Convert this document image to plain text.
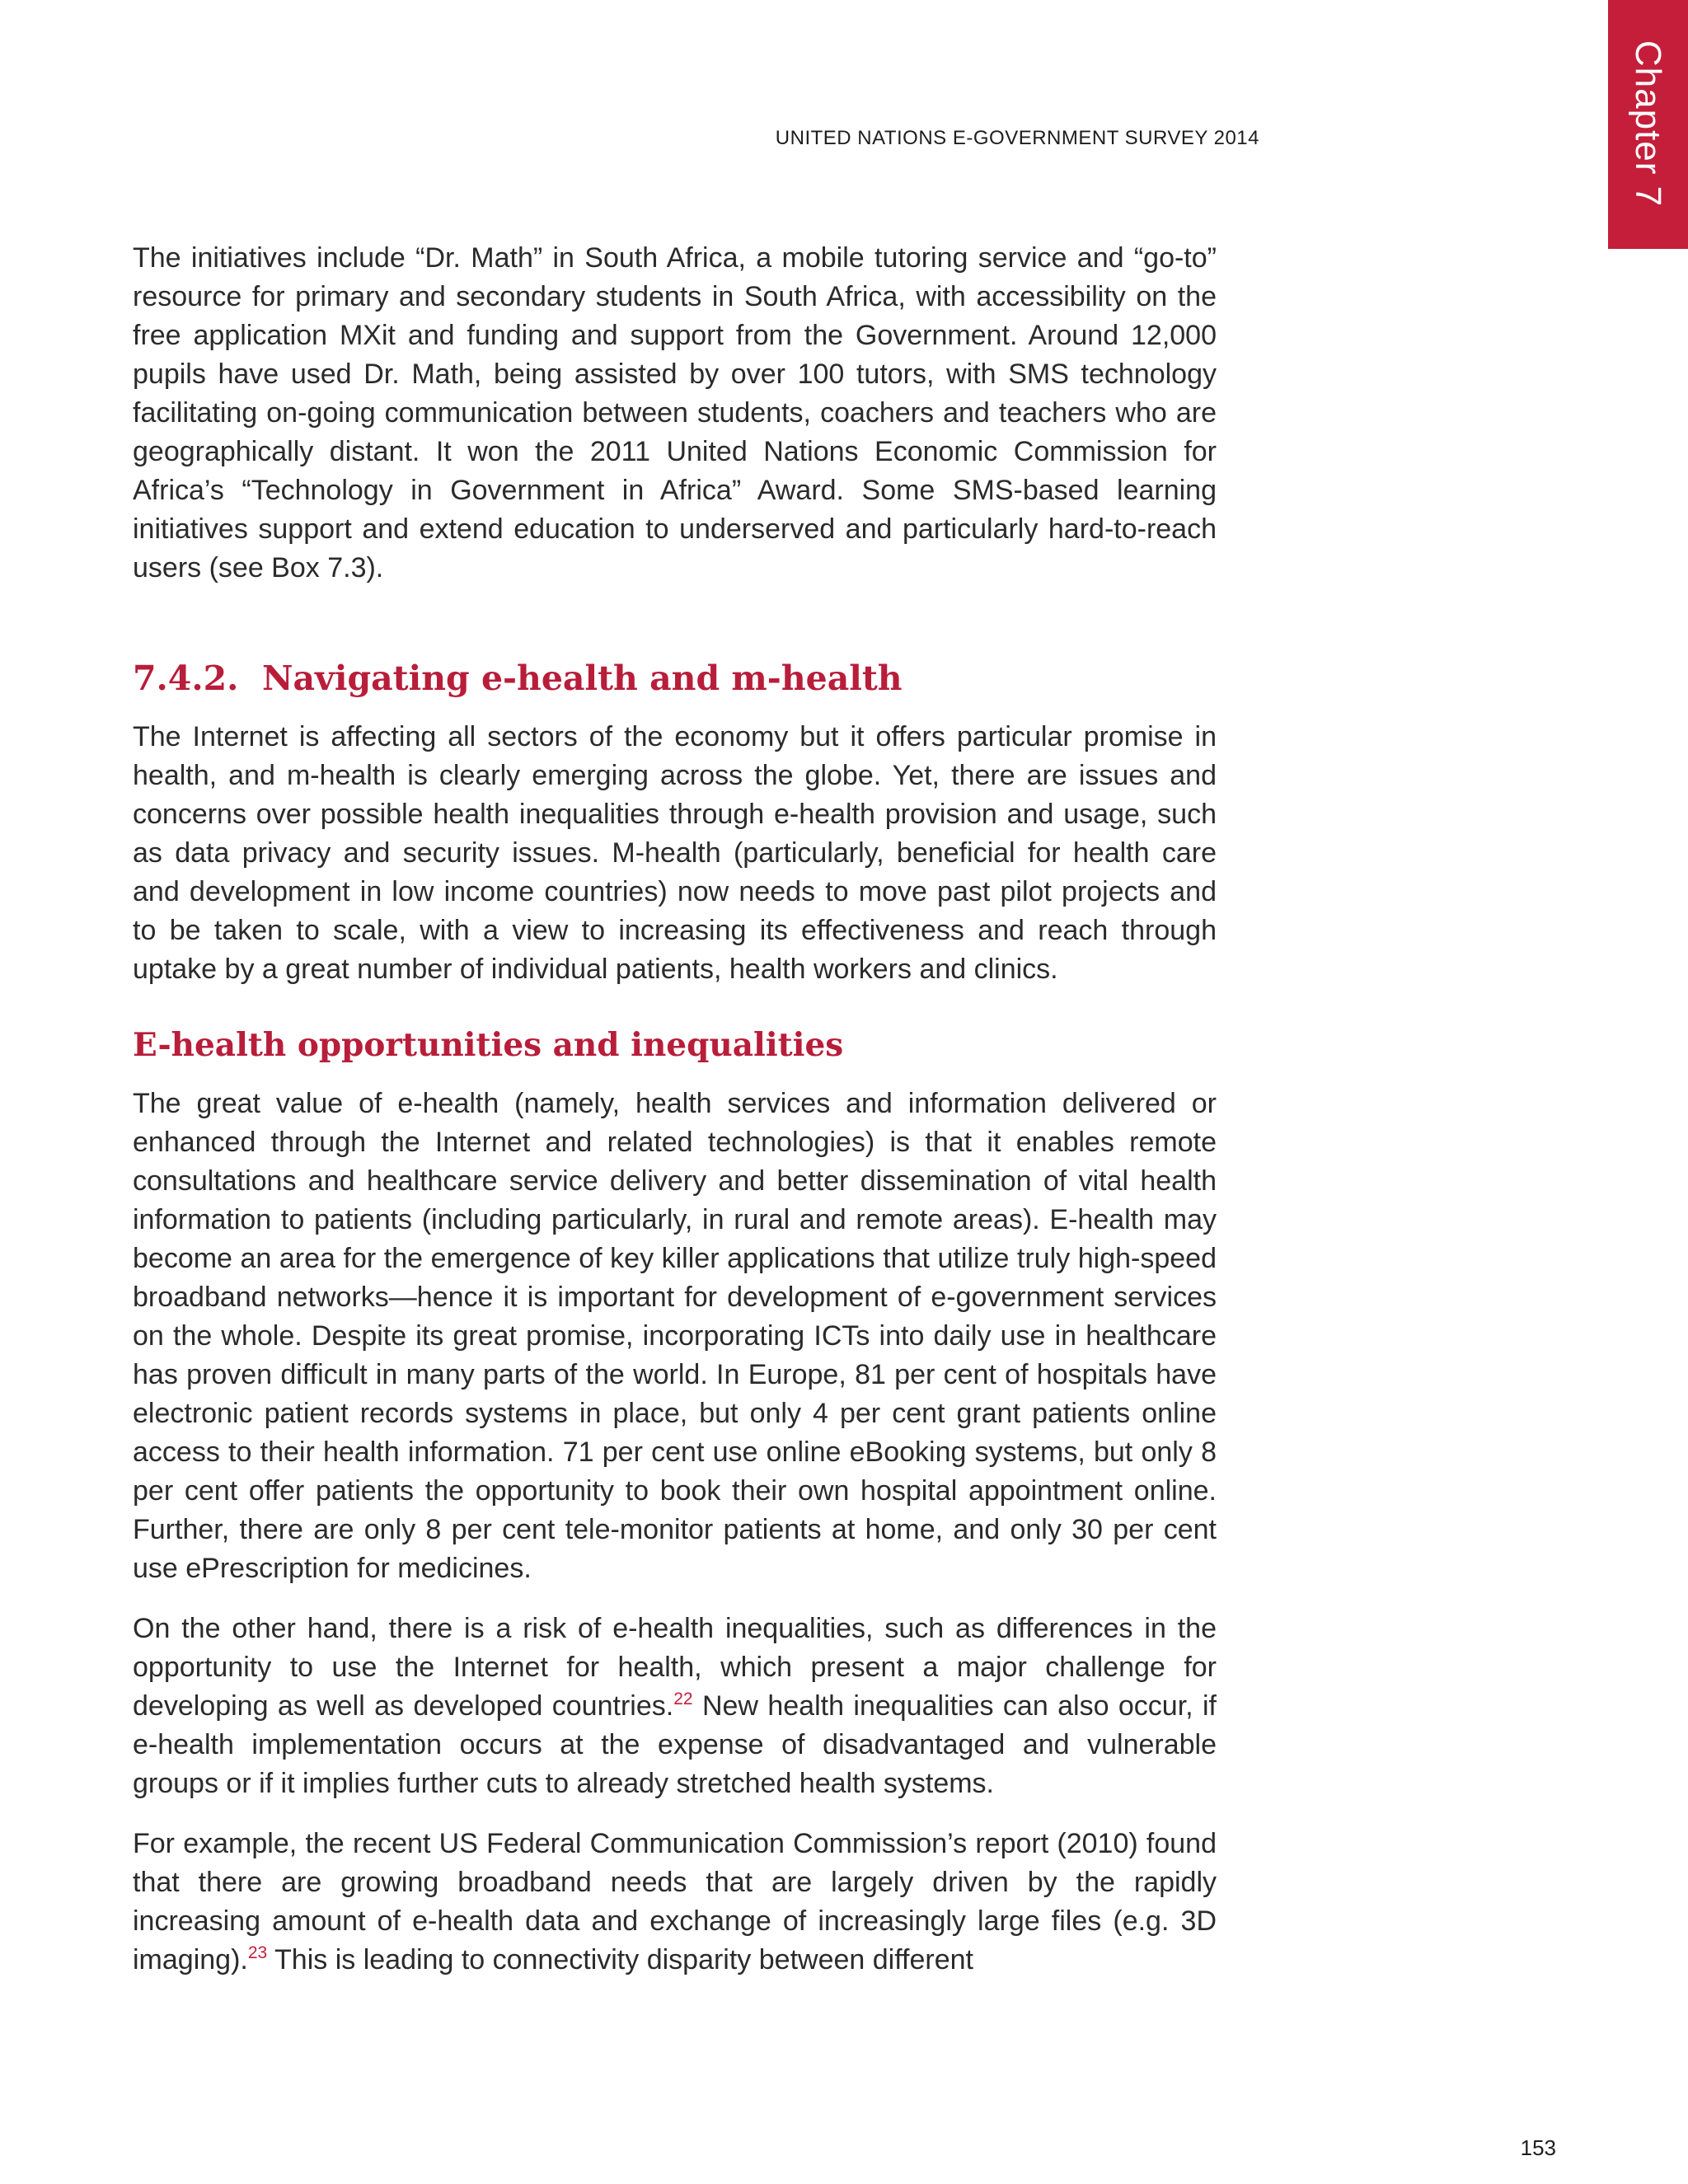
Chapter 7
UNITED NATIONS E-GOVERNMENT SURVEY 2014

The initiatives include “Dr. Math” in South Africa, a mobile tutoring service and “go-to” resource for primary and secondary students in South Africa, with accessibility on the free application MXit and funding and support from the Government. Around 12,000 pupils have used Dr. Math, being assisted by over 100 tutors, with SMS technology facilitating on-going communication between students, coachers and teachers who are geographically distant. It won the 2011 United Nations Economic Commission for Africa’s “Technology in Government in Africa” Award. Some SMS-based learning initiatives support and extend education to underserved and particularly hard-to-reach users (see Box 7.3).

7.4.2. Navigating e-health and m-health

The Internet is affecting all sectors of the economy but it offers particular promise in health, and m-health is clearly emerging across the globe. Yet, there are issues and concerns over possible health inequalities through e-health provision and usage, such as data privacy and security issues. M-health (particularly, beneficial for health care and development in low income countries) now needs to move past pilot projects and to be taken to scale, with a view to increasing its effectiveness and reach through uptake by a great number of individual patients, health workers and clinics.

E-health opportunities and inequalities

The great value of e-health (namely, health services and information delivered or enhanced through the Internet and related technologies) is that it enables remote consultations and healthcare service delivery and better dissemination of vital health information to patients (including particularly, in rural and remote areas). E-health may become an area for the emergence of key killer applications that utilize truly high-speed broadband networks—hence it is important for development of e-government services on the whole. Despite its great promise, incorporating ICTs into daily use in healthcare has proven difficult in many parts of the world. In Europe, 81 per cent of hospitals have electronic patient records systems in place, but only 4 per cent grant patients online access to their health information. 71 per cent use online eBooking systems, but only 8 per cent offer patients the opportunity to book their own hospital appointment online. Further, there are only 8 per cent tele-monitor patients at home, and only 30 per cent use ePrescription for medicines.

On the other hand, there is a risk of e-health inequalities, such as differences in the opportunity to use the Internet for health, which present a major challenge for developing as well as developed countries.$^{22}$ New health inequalities can also occur, if e-health implementation occurs at the expense of disadvantaged and vulnerable groups or if it implies further cuts to already stretched health systems.

For example, the recent US Federal Communication Commission’s report (2010) found that there are growing broadband needs that are largely driven by the rapidly increasing amount of e-health data and exchange of increasingly large files (e.g. 3D imaging).$^{23}$ This is leading to connectivity disparity between different

153
